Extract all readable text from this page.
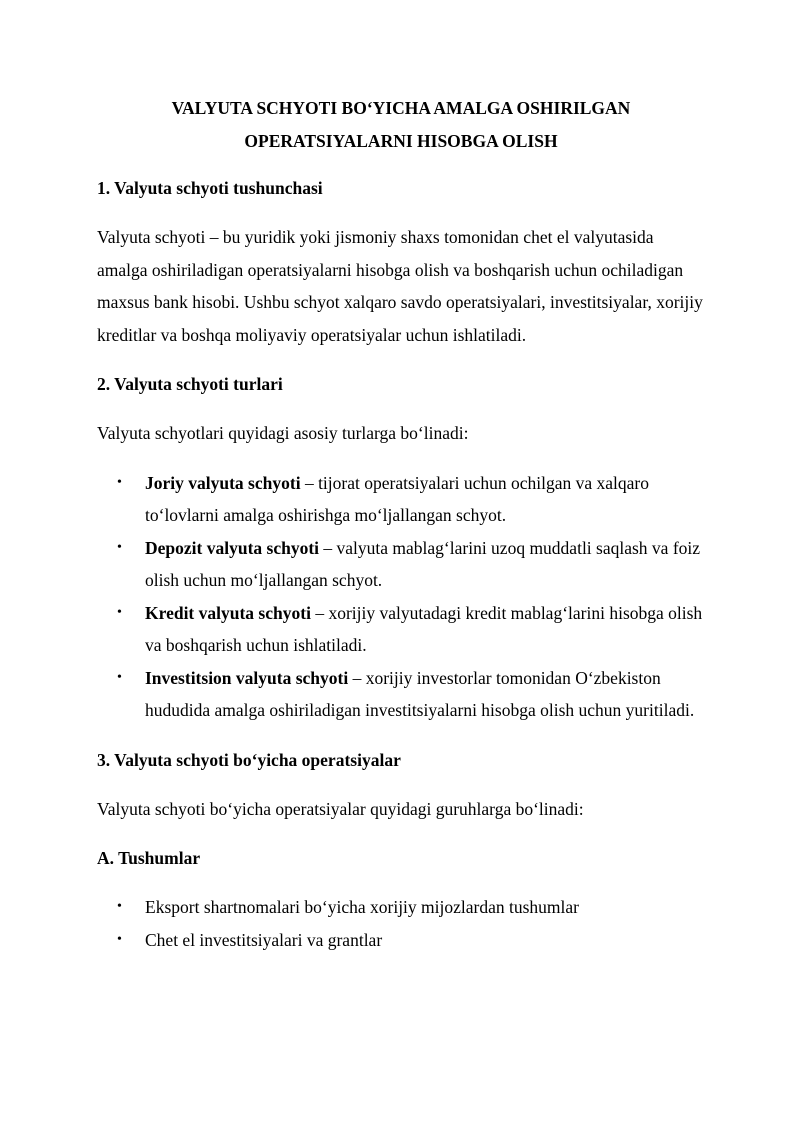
VALYUTA SCHYOTI BO‘YICHA AMALGA OSHIRILGAN
OPERATSIYALARNI HISOBGA OLISH
1. Valyuta schyoti tushunchasi

Valyuta schyoti – bu yuridik yoki jismoniy shaxs tomonidan chet el valyutasida amalga oshiriladigan operatsiyalarni hisobga olish va boshqarish uchun ochiladigan maxsus bank hisobi. Ushbu schyot xalqaro savdo operatsiyalari, investitsiyalar, xorijiy kreditlar va boshqa moliyaviy operatsiyalar uchun ishlatiladi.

2. Valyuta schyoti turlari

Valyuta schyotlari quyidagi asosiy turlarga bo‘linadi:

• Joriy valyuta schyoti – tijorat operatsiyalari uchun ochilgan va xalqaro to‘lovlarni amalga oshirishga mo‘ljallangan schyot.
• Depozit valyuta schyoti – valyuta mablag‘larini uzoq muddatli saqlash va foiz olish uchun mo‘ljallangan schyot.
• Kredit valyuta schyoti – xorijiy valyutadagi kredit mablag‘larini hisobga olish va boshqarish uchun ishlatiladi.
• Investitsion valyuta schyoti – xorijiy investorlar tomonidan O‘zbekiston hududida amalga oshiriladigan investitsiyalarni hisobga olish uchun yuritiladi.
3. Valyuta schyoti bo‘yicha operatsiyalar

Valyuta schyoti bo‘yicha operatsiyalar quyidagi guruhlarga bo‘linadi:

A. Tushumlar
• Eksport shartnomalari bo‘yicha xorijiy mijozlardan tushumlar
• Chet el investitsiyalari va grantlar
